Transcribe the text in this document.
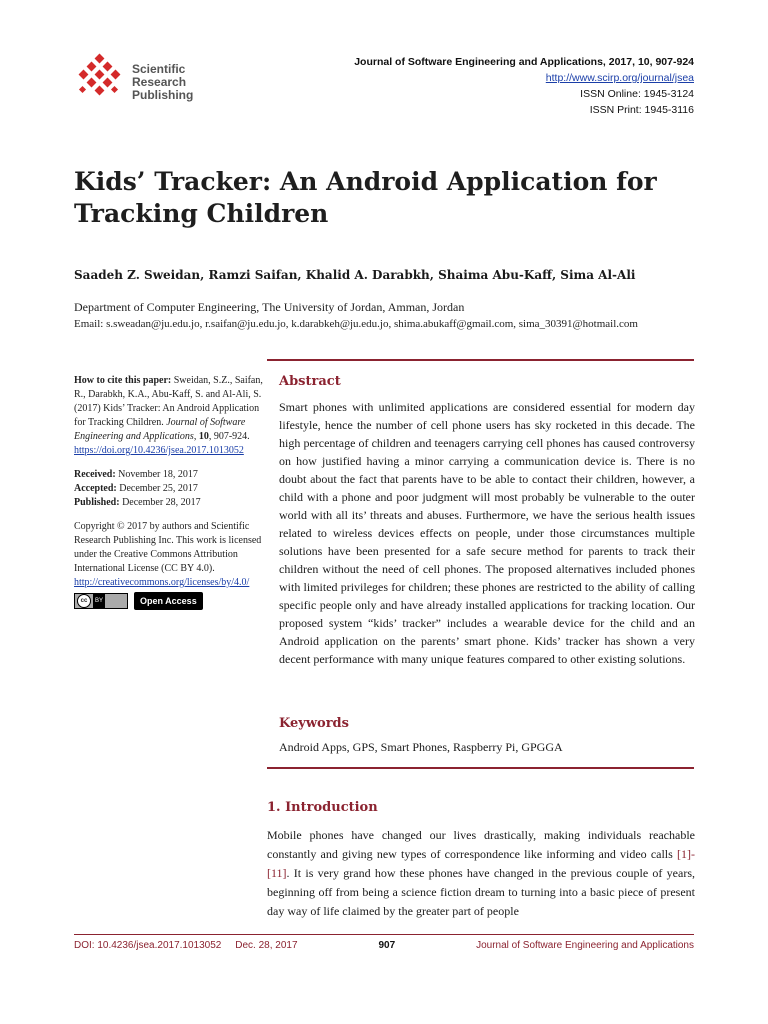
Scientific
Research
Publishing
Journal of Software Engineering and Applications, 2017, 10, 907-924
http://www.scirp.org/journal/jsea
ISSN Online: 1945-3124
ISSN Print: 1945-3116
Kids’ Tracker: An Android Application for
Tracking Children
Saadeh Z. Sweidan, Ramzi Saifan, Khalid A. Darabkh, Shaima Abu-Kaff, Sima Al-Ali
Department of Computer Engineering, The University of Jordan, Amman, Jordan
Email: s.sweadan@ju.edu.jo, r.saifan@ju.edu.jo, k.darabkeh@ju.edu.jo, shima.abukaff@gmail.com, sima_30391@hotmail.com

How to cite this paper: Sweidan, S.Z., Saifan, R., Darabkh, K.A., Abu-Kaff, S. and Al-Ali, S. (2017) Kids’ Tracker: An Android Application for Tracking Children. Journal of Software Engineering and Applications, 10, 907-924.
https://doi.org/10.4236/jsea.2017.1013052

Received: November 18, 2017
Accepted: December 25, 2017
Published: December 28, 2017

Copyright © 2017 by authors and Scientific Research Publishing Inc. This work is licensed under the Creative Commons Attribution International License (CC BY 4.0).
http://creativecommons.org/licenses/by/4.0/

cc	BY	Open Access
Abstract
Smart phones with unlimited applications are considered essential for modern day lifestyle, hence the number of cell phone users has sky rocketed in this decade. The high percentage of children and teenagers carrying cell phones has caused controversy on how justified having a minor carrying a communication device is. There is no doubt about the fact that parents have to be able to contact their children, however, a child with a phone and poor judgment will most probably be vulnerable to the outer world with all its’ threats and abuses. Furthermore, we have the serious health issues related to wireless devices effects on people, under those circumstances multiple solutions have been presented for a safe secure method for parents to track their children without the need of cell phones. The proposed alternatives included phones with limited privileges for children; these phones are restricted to the ability of calling specific people only and have already installed applications for tracking location. Our proposed system “kids’ tracker” includes a wearable device for the child and an Android application on the parents’ smart phone. Kids’ tracker has shown a very decent performance with many unique features compared to other existing solutions.
Keywords
Android Apps, GPS, Smart Phones, Raspberry Pi, GPGGA
1. Introduction
Mobile phones have changed our lives drastically, making individuals reachable constantly and giving new types of correspondence like informing and video calls [1]-[11]. It is very grand how these phones have changed in the previous couple of years, beginning off from being a science fiction dream to turning into a basic piece of present day way of life claimed by the greater part of people
DOI: 10.4236/jsea.2017.1013052 Dec. 28, 2017	907	Journal of Software Engineering and Applications
